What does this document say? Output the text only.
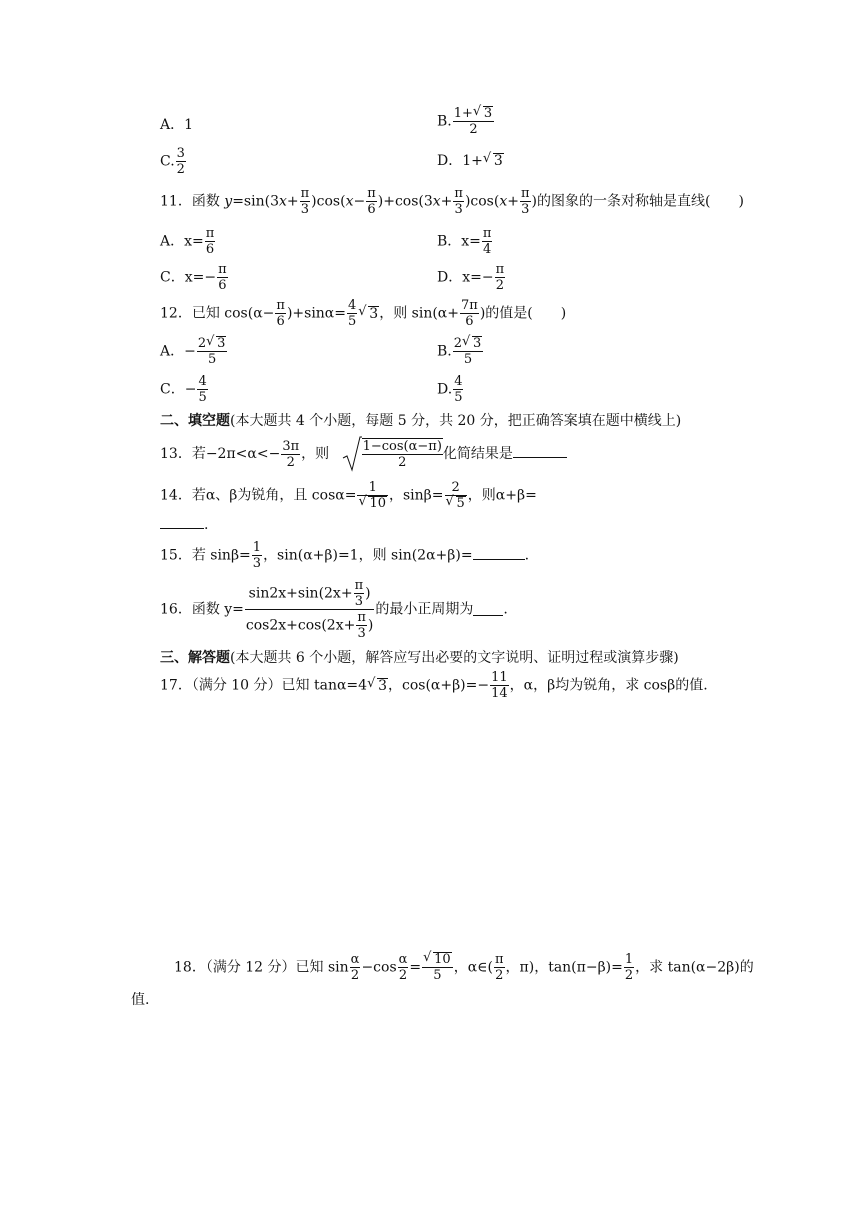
A．1	B. $\frac{1+ √ 3}{2}$
C. $\frac{3}{2}$	D．1+ √ 3
11．函数 $y=\sin(3x+ \frac{\pi}{3} )\cos(x- \frac{\pi}{6} )+\cos(3x+ \frac{\pi}{3} )\cos(x+ \frac{\pi}{3}$ )的图象的一条对称轴是直线(　　)
A．$x= \frac{\pi}{6}$	B．$x= \frac{\pi}{4}$
C．$x=- \frac{\pi}{6}$	D．$x=- \frac{\pi}{2}$
12．已知 $\cos(\alpha- \frac{\pi}{6} )+\sin\alpha= \frac{4}{5}$ √ 3，则 $\sin(\alpha+ \frac{7\pi}{6}$ )的值是(　　)
A．− $\frac{2 √ 3}{5}$	B. $\frac{2 √ 3}{5}$
C．− $\frac{4}{5}$	D. $\frac{4}{5}$
二、填空题(本大题共 4 个小题，每题 5 分，共 20 分，把正确答案填在题中横线上)
13．若$-2\pi<\alpha<- \frac{3\pi}{2}$ ，则 $\frac{1-\cos(\alpha-\pi)}{2}$ 化简结果是
14．若α、β为锐角，且 cosα= 1
√ 10 ，sinβ= 2
√ 5 ，则α+β=
.
15．若 $\sin\beta= \frac{1}{3}$ ，sin(α+β)=1，则 sin(2α+β)=	.
16．函数 $y= \frac{\sin 2x+\sin(2x+ \frac{\pi}{3} )}{\cos 2x+\cos(2x+ \frac{\pi}{3} )}$ 的最小正周期为 .
三、解答题(本大题共 6 个小题，解答应写出必要的文字说明、证明过程或演算步骤)
17．（满分 10 分）已知 tanα=4 √ 3，$\cos(\alpha+\beta)=- \frac{11}{14}$ ，α，β均为锐角，求 cosβ的值.
18．（满分 12 分）已知 $\sin \frac{\alpha}{2} -\cos \frac{\alpha}{2}$ = √ $\frac{10}{5}$ ，α∈( $\frac{\pi}{2}$ ，π)，$\tan(\pi-\beta)= \frac{1}{2}$ ，求 tan(α−2β)的
值.
